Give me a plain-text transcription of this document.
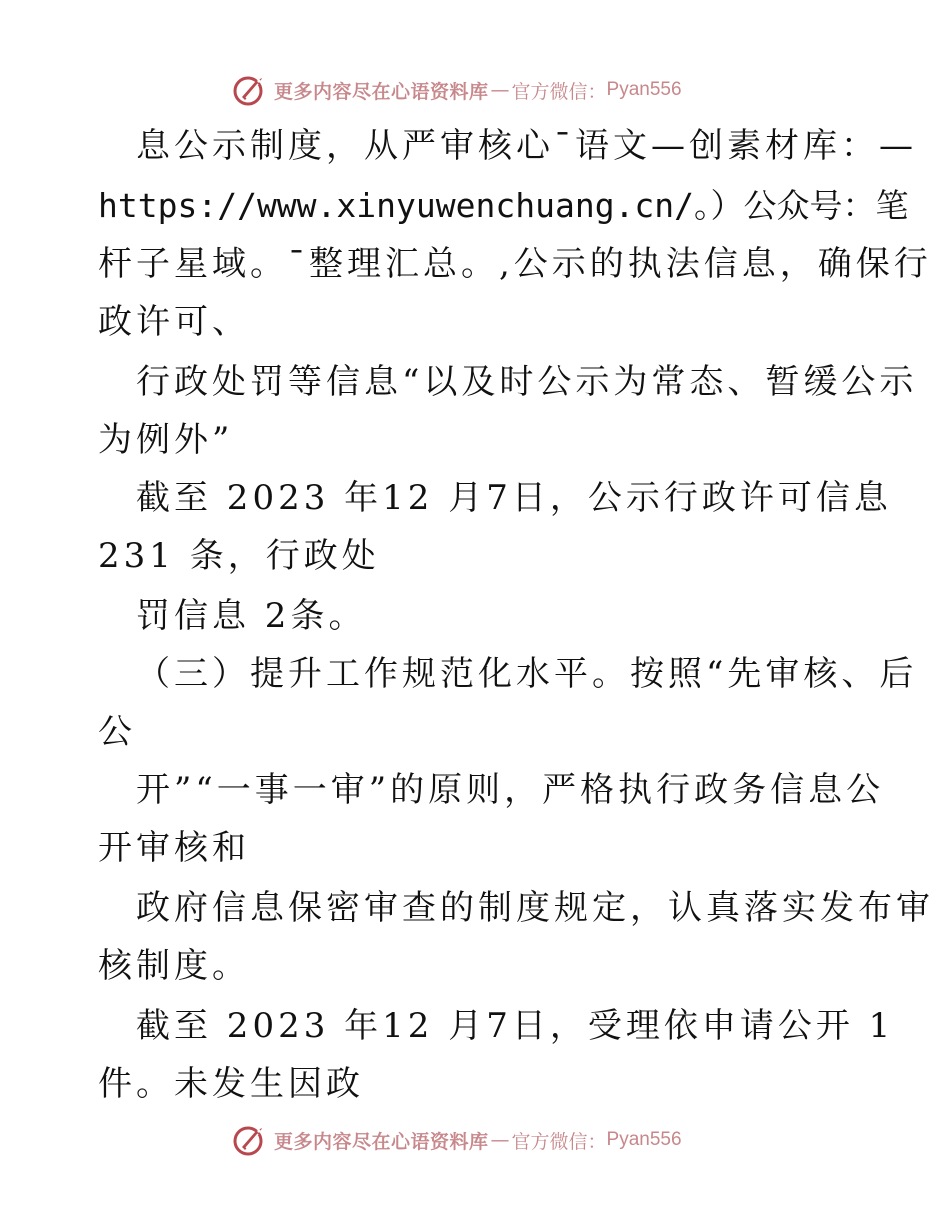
更多内容尽在心语资料库 — 官方微信： Pyan556
息公示制度，从严审核心¯语文—创素材库：—
https://www.xinyuwenchuang.cn/。）公众号：笔
杆子星域。¯整理汇总。,公示的执法信息，确保行
政许可、
行政处罚等信息“以及时公示为常态、暂缓公示
为例外”
截至 2023 年12 月7日，公示行政许可信息
231 条，行政处
罚信息 2条。
（三）提升工作规范化水平。按照“先审核、后
公
开”“一事一审”的原则，严格执行政务信息公
开审核和
政府信息保密审查的制度规定，认真落实发布审
核制度。
截至 2023 年12 月7日，受理依申请公开 1
件。未发生因政
更多内容尽在心语资料库 — 官方微信： Pyan556
